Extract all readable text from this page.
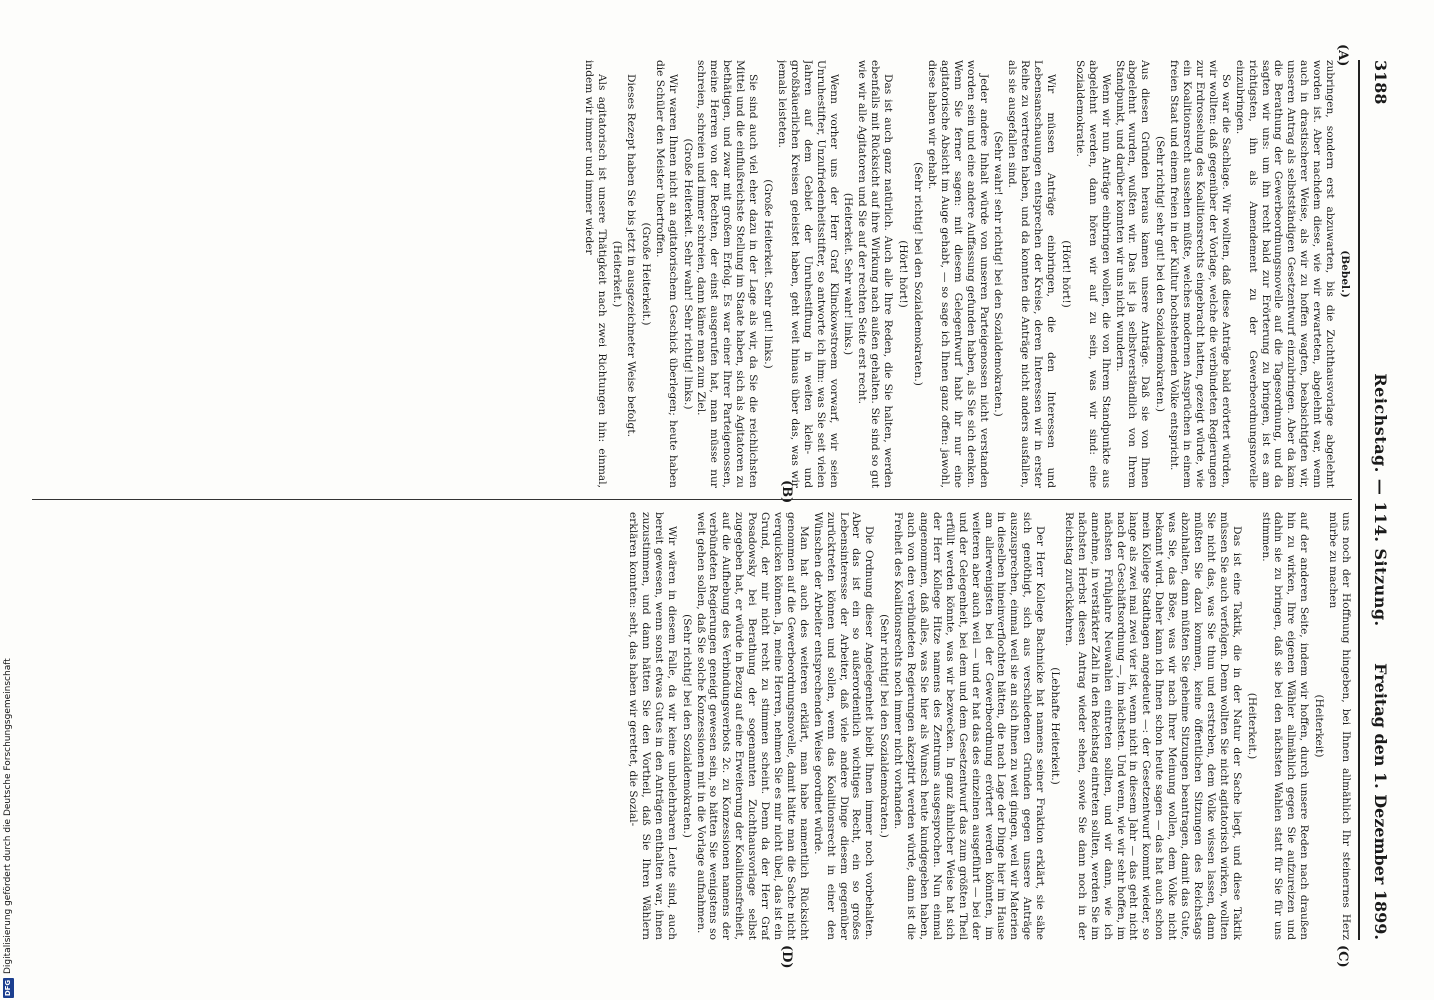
3188
Reichstag. — 114. Sitzung.
Freitag den 1. Dezember 1899.
(A)
(B)
(C)
(D)

(Bebel.)

zubringen, sondern erst abzuwarten, bis die Zuchthausvorlage abgelehnt worden ist. Aber nachdem diese, wie wir erwarteten, abgelehnt war, wenn auch in drastischerer Weise, als wir zu hoffen wagten, beabsichtigten wir, unseren Antrag als selbstständigen Gesetzentwurf einzubringen. Aber da kam die Berathung der Gewerbeordnungsnovelle auf die Tagesordnung, und da sagten wir uns: um ihn recht bald zur Erörterung zu bringen, ist es am richtigsten, ihn als Amendement zu der Gewerbeordnungsnovelle einzubringen.

So war die Sachlage. Wir wollten, daß diese Anträge bald erörtert würden, wir wollten: daß gegenüber der Vorlage, welche die verbündeten Regierungen zur Erdrosselung des Koalitionsrechts eingebracht hatten, gezeigt würde, wie ein Koalitionsrecht aussehen müßte, welches modernen Ansprüchen in einem freien Staat und einem freien in der Kultur hochstehenden Volke entspricht.

(Sehr richtig! sehr gut! bei den Sozialdemokraten.)

Aus diesen Gründen heraus kamen unsere Anträge. Daß sie von Ihnen abgelehnt wurden, wußten wir. Das ist ja selbstverständlich von Ihrem Standpunkt, und darüber konnten wir uns nicht wundern.

Wenn wir nun Anträge einbringen wollen, die von Ihrem Standpunkte aus abgelehnt werden, dann hören wir auf zu sein, was wir sind: eine Sozialdemokratie.

(Hört! hört!)

Wir müssen Anträge einbringen, die den Interessen und Lebensanschauungen entsprechen der Kreise, deren Interessen wir in erster Reihe zu vertreten haben, und da konnten die Anträge nicht anders ausfallen, als sie ausgefallen sind.

(Sehr wahr! sehr richtig! bei den Sozialdemokraten.)

Jeder andere Inhalt würde von unseren Parteigenossen nicht verstanden worden sein und eine andere Auffassung gefunden haben, als Sie sich denken. Wenn Sie ferner sagen: mit diesem Gelegentwurf habt ihr nur eine agitatorische Absicht im Auge gehabt, — so sage ich Ihnen ganz offen: jawohl, diese haben wir gehabt.

(Sehr richtig! bei den Sozialdemokraten.)

(Hört! hört!)

Das ist auch ganz natürlich. Auch alle Ihre Reden, die Sie halten, werden ebenfalls mit Rücksicht auf ihre Wirkung nach außen gehalten. Sie sind so gut wie wir alle Agitatoren und Sie auf der rechten Seite erst recht.

(Heiterkeit. Sehr wahr! links.)

Wenn vorher uns der Herr Graf Klinckowstroem vorwarf, wir seien Unruhestifter, Unzufriedenheitsstifter, so antworte ich ihm: was Sie seit vielen Jahren auf dem Gebiet der Unruhestiftung in weiten klein- und großbäuerlichen Kreisen geleistet haben, geht weit hinaus über das, was wir jemals leisteten.

(Große Heiterkeit. Sehr gut! links.)

Sie sind auch viel eher dazu in der Lage als wir, da Sie die reichlichsten Mittel und die einflußreichste Stellung im Staate haben, sich als Agitatoren zu bethätigen, und zwar mit großem Erfolg. Es war einer Ihrer Parteigenossen, meine Herren von der Rechten, der einst ausgerufen hat, man müsse nur schreien, schreien und immer schreien, dann käme man zum Ziel.

(Große Heiterkeit. Sehr wahr! Sehr richtig! links.)

Wir waren Ihnen nicht an agitatorischem Geschick überlegen; heute haben die Schüler den Meister übertroffen.

(Große Heiterkeit.)

Dieses Rezept haben Sie bis jetzt in ausgezeichneter Weise befolgt.

(Heiterkeit.)

Als agitatorisch ist unsere Thätigkeit nach zwei Richtungen hin: einmal, indem wir immer und immer wieder

uns noch der Hoffnung hingeben, bei Ihnen allmählich Ihr steinernes Herz mürbe zu machen

(Heiterkeit)

auf der anderen Seite, indem wir hoffen, durch unsere Reden nach draußen hin zu wirken, Ihre eigenen Wähler allmählich gegen Sie aufzureizen und dahin sie zu bringen, daß sie bei den nächsten Wahlen statt für Sie für uns stimmen.

(Heiterkeit.)

Das ist eine Taktik, die in der Natur der Sache liegt, und diese Taktik müssen Sie auch verfolgen. Denn wollten Sie nicht agitatorisch wirken, wollten Sie nicht das, was Sie thun und erstreben, dem Volke wissen lassen, dann müßten Sie dazu kommen, keine öffentlichen Sitzungen des Reichstags abzuhalten, dann müßten Sie geheime Sitzungen beantragen, damit das Gute, was Sie, das Böse, was wir nach Ihrer Meinung wollen, dem Volke nicht bekannt wird. Daher kann ich Ihnen schon heute sagen — das hat auch schon mein Kollege Stadthagen angedeutet —: der Gesetzentwurf kommt wieder, so lange als zwei mal zwei vier ist, wenn nicht in diesem Jahr — das geht nicht nach der Geschäftsordnung —, im nächsten. Und wenn, wie wir sehr hoffen, im nächsten Frühjahre Neuwahlen eintreten sollten, und wir dann, wie ich annehme, in verstärkter Zahl in den Reichstag eintreten sollten, werden Sie im nächsten Herbst diesen Antrag wieder sehen, sowie Sie dann noch in der Reichstag zurückkehren.

(Lebhafte Heiterkeit.)

Der Herr Kollege Bachnicke hat namens seiner Fraktion erklärt, sie sähe sich genöthigt, sich aus verschiedenen Gründen gegen unsere Anträge auszusprechen, einmal weil sie an sich ihnen zu weit gingen, weil wir Materien in dieselben hineinverflochten hätten, die nach Lage der Dinge hier im Hause am allerwenigsten bei der Gewerbeordnung erörtert werden könnten, im weiteren aber auch weil — und er hat das des einzelnen ausgeführt — bei der und der Gelegenheit, bei dem und dem Gesetzentwurf das zum größten Theil erfüllt werden könnte, was wir bezwecken. In ganz ähnlicher Weise hat sich der Herr Kollege Hitze namens des Zentrums ausgesprochen. Nun einmal angenommen, daß alles, was Sie hier als Wunsch heute kundgegeben haben, auch von den verbündeten Regierungen akzeptirt werden würde, dann ist die Freiheit des Koalitionsrechts noch immer nicht vorhanden.

(Sehr richtig! bei den Sozialdemokraten.)

Die Ordnung dieser Angelegenheit bleibt Ihnen immer noch vorbehalten. Aber das ist ein so außerordentlich wichtiges Recht, ein so großes Lebensinteresse der Arbeiter, daß viele andere Dinge diesem gegenüber zurücktreten können und sollen, wenn das Koalitionsrecht in einer den Wünschen der Arbeiter entsprechenden Weise geordnet würde.

Man hat auch des weiteren erklärt, man habe namentlich Rücksicht genommen auf die Gewerbeordnungsnovelle, damit hätte man die Sache nicht verquicken können. Ja, meine Herren, nehmen Sie es mir nicht übel, das ist ein Grund, der mir nicht recht zu stimmen scheint. Denn da der Herr Graf Posadowsky bei Berathung der sogenannten Zuchthausvorlage selbst zugegeben hat, er würde in Bezug auf eine Erweiterung der Koalitionsfreiheit, auf die Aufhebung des Verbindungsverbots 2c. zu Konzessionen namens der verbündeten Regierungen geneigt gewesen sein, so hätten Sie wenigstens so weit gehen sollen, daß Sie solche Konzessionen mit in die Vorlage aufnahmen.

(Sehr richtig! bei den Sozialdemokraten.)

Wir wären in diesem Falle, da wir keine unbelehrbaren Leute sind, auch bereit gewesen, wenn sonst etwas Gutes in den Anträgen enthalten war, ihnen zuzustimmen, und dann hätten Sie den Vortheil, daß Sie Ihren Wählern erklären konnten: seht, das haben wir gerettet, die Sozial-

DFG
Digitalisierung gefördert durch die Deutsche Forschungsgemeinschaft
